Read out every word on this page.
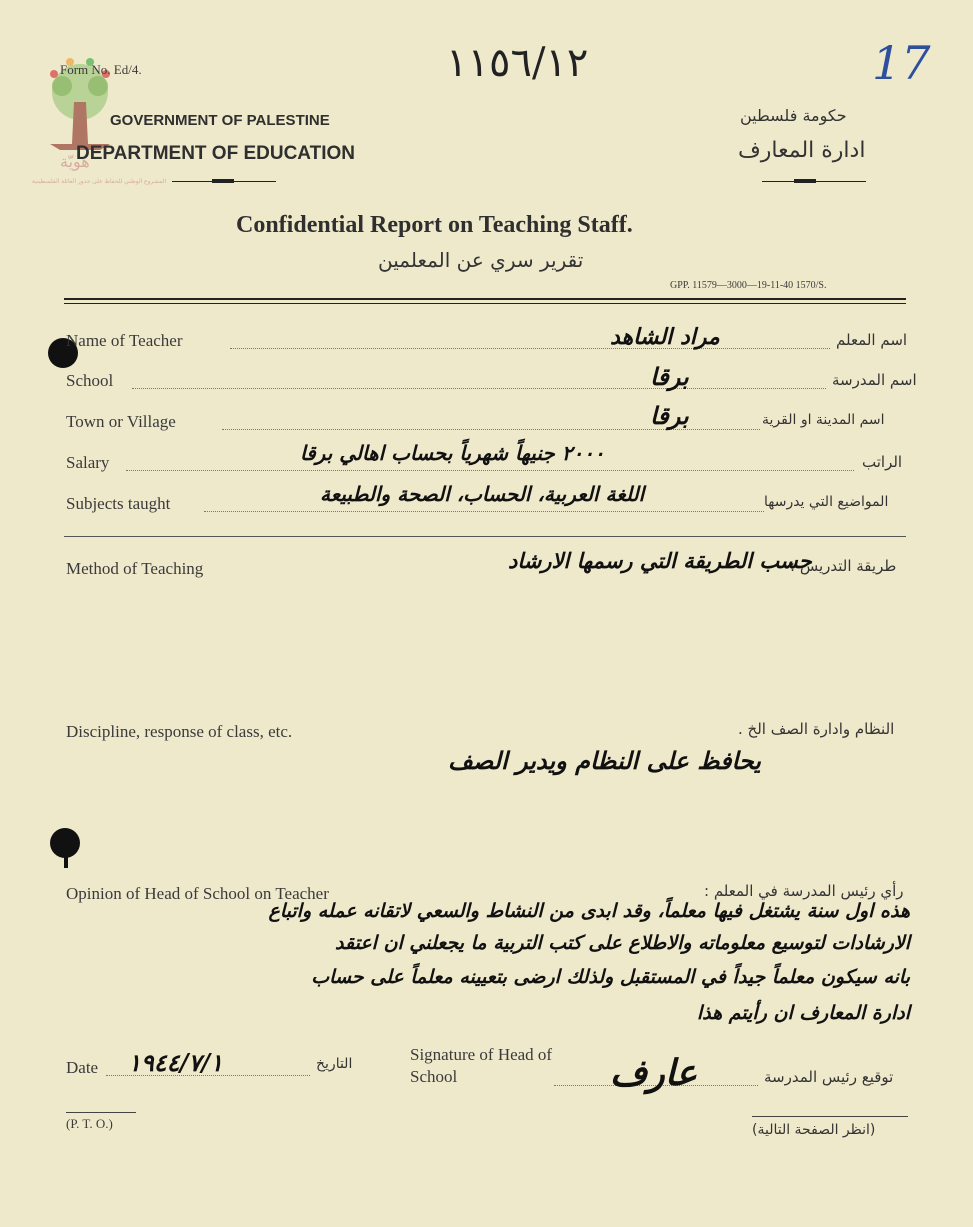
هُويّة
المشروع الوطني للحفاظ على جذور العائلة الفلسطينية
Form No. Ed/4.	١١٥٦/١٢	17
GOVERNMENT OF PALESTINE
DEPARTMENT OF EDUCATION
حكومة فلسطين
ادارة المعارف
Confidential Report on Teaching Staff.
تقرير سري عن المعلمين
GPP. 11579—3000—19-11-40 1570/S.
Name of Teacher	مراد الشاهد	اسم المعلم
School	برقا	اسم المدرسة
Town or Village	برقا	اسم المدينة او القرية
Salary	٢٠٠٠ جنيهاً شهرياً بحساب اهالي برقا	الراتب
Subjects taught	اللغة العربية، الحساب، الصحة والطبيعة	المواضيع التي يدرسها
Method of Teaching	حسب الطريقة التي رسمها الارشاد
طريقة التدريس :
Discipline, response of class, etc.	النظام وادارة الصف الخ .
يحافظ على النظام ويدير الصف
Opinion of Head of School on Teacher	رأي رئيس المدرسة في المعلم :
هذه اول سنة يشتغل فيها معلماً، وقد ابدى من النشاط والسعي لاتقانه عمله واتباع
الارشادات لتوسيع معلوماته والاطلاع على كتب التربية ما يجعلني ان اعتقد
بانه سيكون معلماً جيداً في المستقبل ولذلك ارضى بتعيينه معلماً على حساب
ادارة المعارف ان رأيتم هذا
Date ١٩٤٤/٧/١	التاريخ	Signature of Head of School	عارف	توقيع رئيس المدرسة
(P. T. O.)	(انظر الصفحة التالية)
